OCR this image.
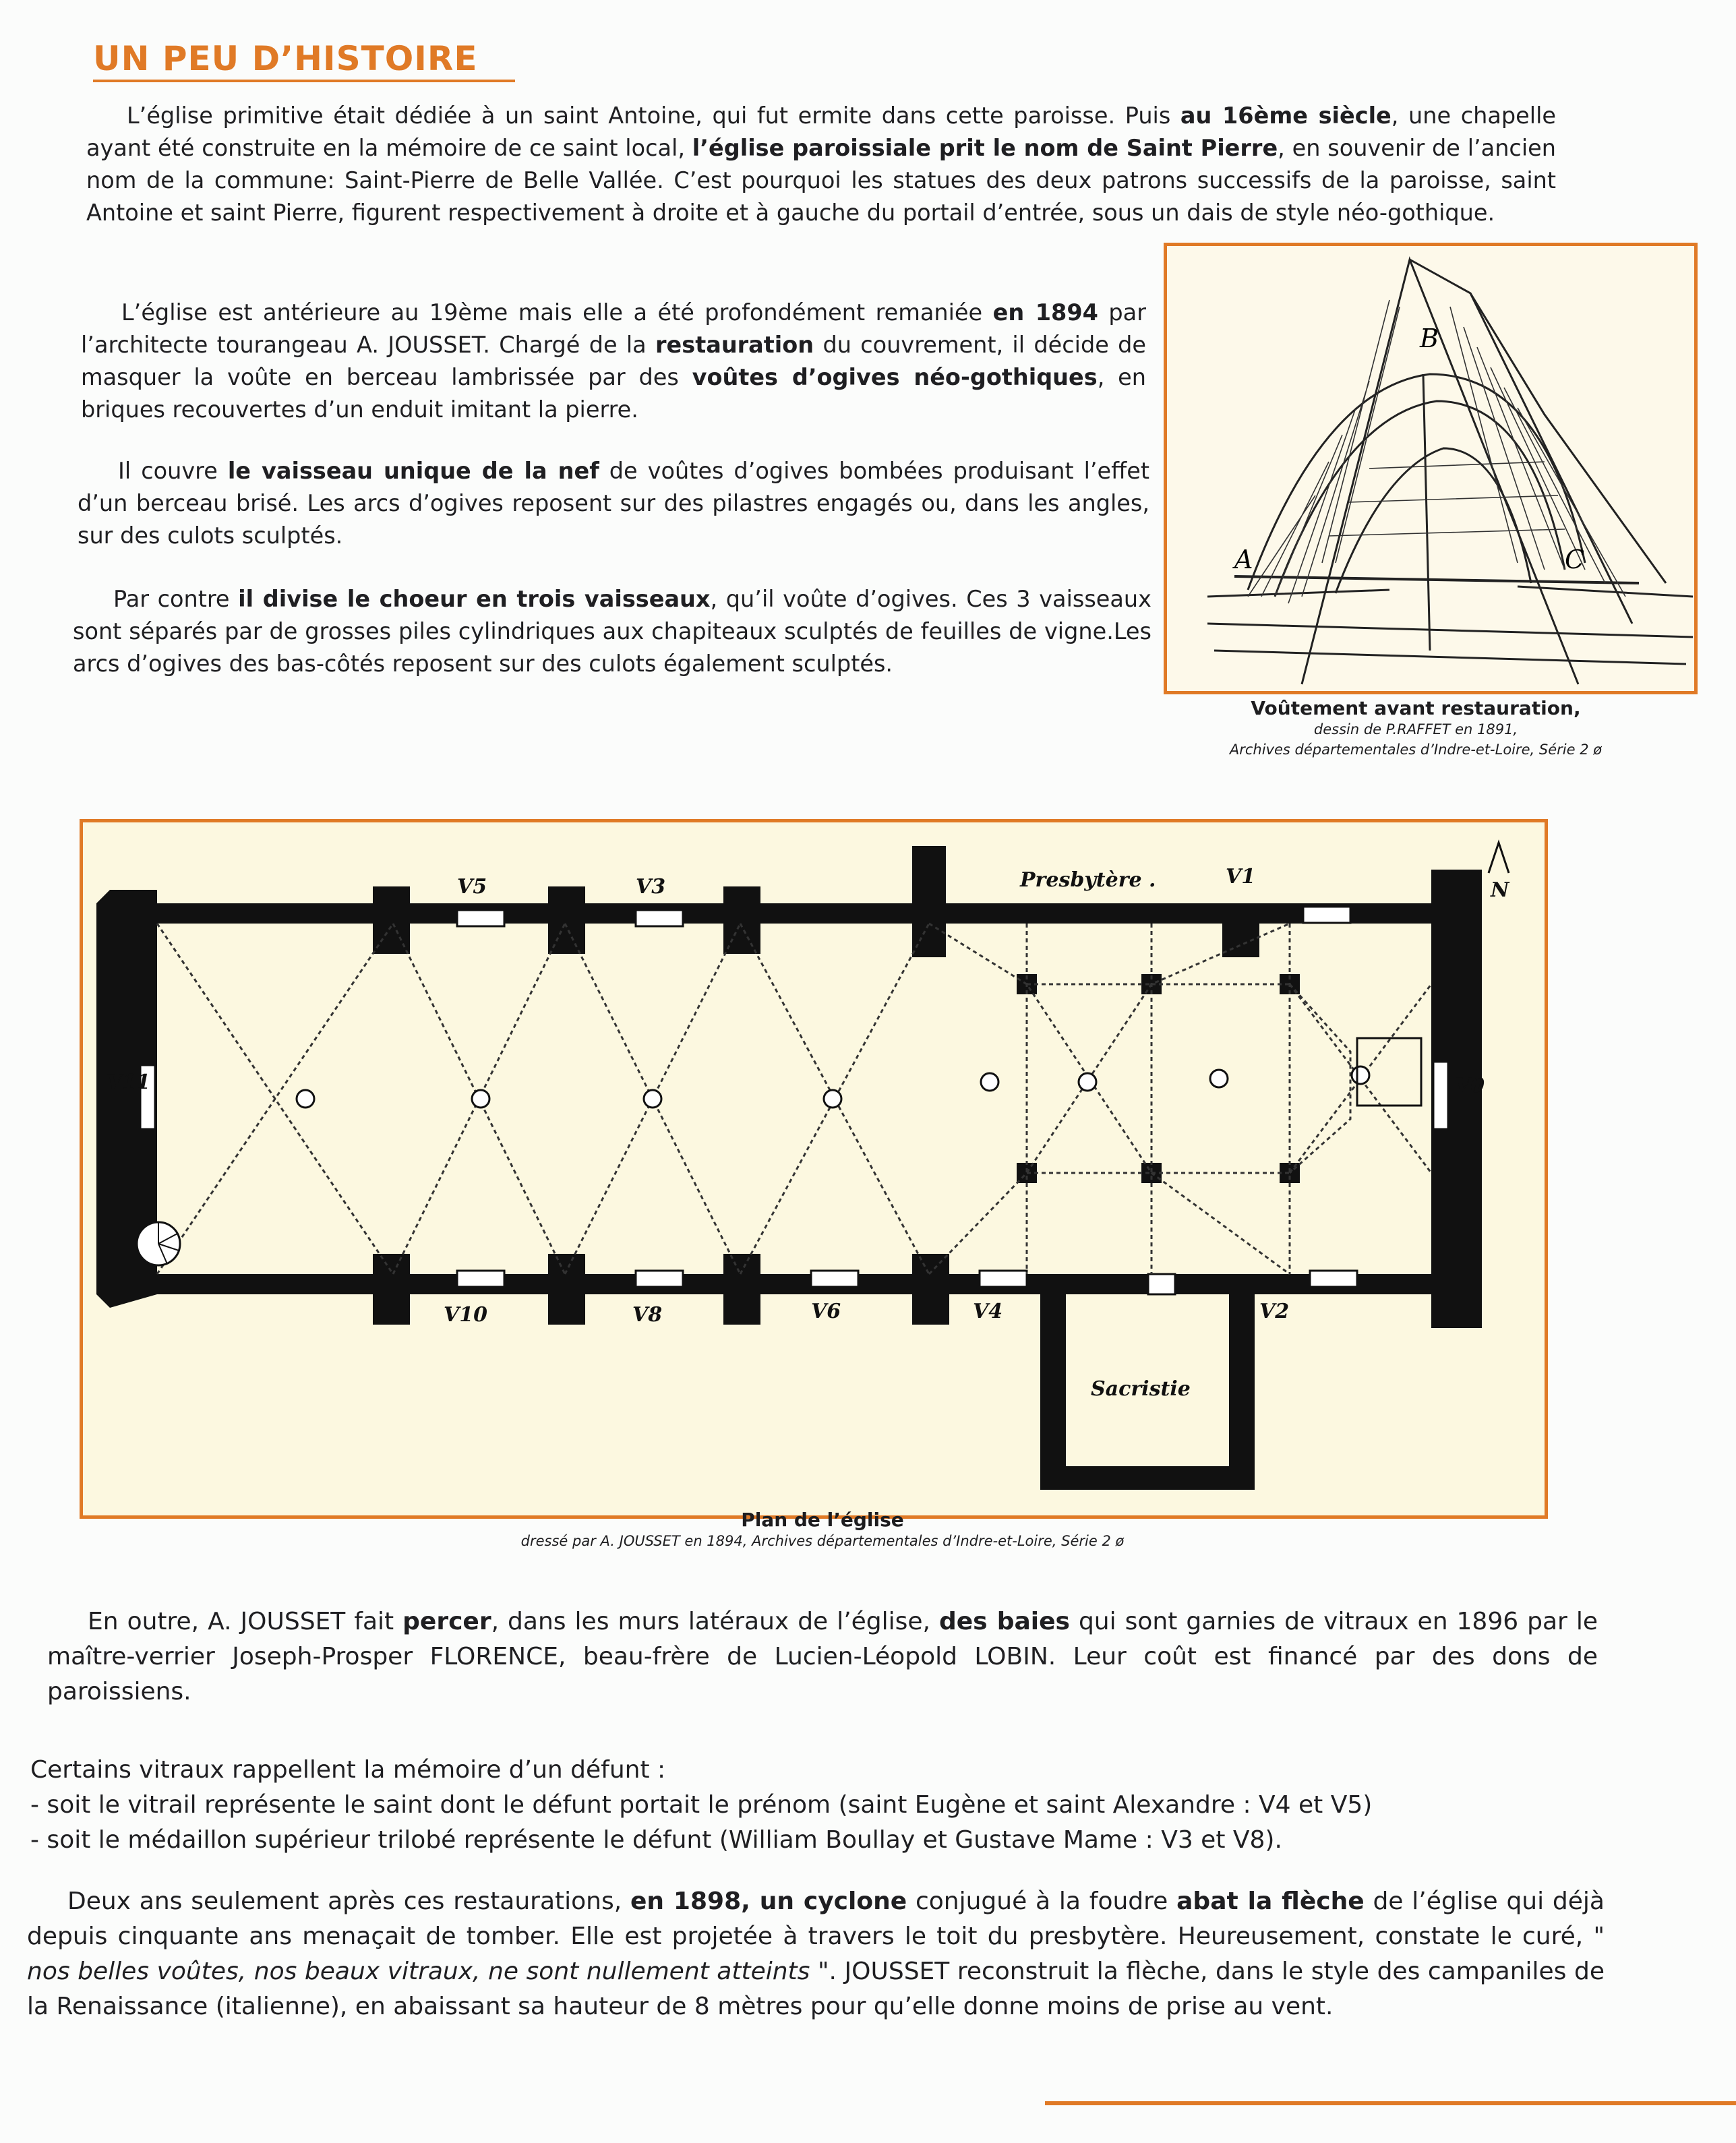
UN PEU D’HISTOIRE

L’église primitive était dédiée à un saint Antoine, qui fut ermite dans cette paroisse. Puis au 16ème siècle, une chapelle ayant été construite en la mémoire de ce saint local, l’église paroissiale prit le nom de Saint Pierre, en souvenir de l’ancien nom de la commune: Saint-Pierre de Belle Vallée. C’est pourquoi les statues des deux patrons successifs de la paroisse, saint Antoine et saint Pierre, figurent respectivement à droite et à gauche du portail d’entrée, sous un dais de style néo-gothique.

L’église est antérieure au 19ème mais elle a été profondément remaniée en 1894 par l’architecte tourangeau A. JOUSSET. Chargé de la restauration du couvrement, il décide de masquer la voûte en berceau lambrissée par des voûtes d’ogives néo-gothiques, en briques recouvertes d’un enduit imitant la pierre.

Il couvre le vaisseau unique de la nef de voûtes d’ogives bombées produisant l’effet d’un berceau brisé. Les arcs d’ogives reposent sur des pilastres engagés ou, dans les angles, sur des culots sculptés.

Par contre il divise le choeur en trois vaisseaux, qu’il voûte d’ogives. Ces 3 vaisseaux sont séparés par de grosses piles cylindriques aux chapiteaux sculptés de feuilles de vigne.Les arcs d’ogives des bas-côtés reposent sur des culots également sculptés.

A
B
C
Voûtement avant restauration,
dessin de P.RAFFET en 1891,
Archives départementales d’Indre-et-Loire, Série 2 ø
N
Presbytère .
Sacristie
V5	V3	V1
V10	V8	V6	V4	V2
V0
V11
Plan de l’église
dressé par A. JOUSSET en 1894, Archives départementales d’Indre-et-Loire, Série 2 ø

En outre, A. JOUSSET fait percer, dans les murs latéraux de l’église, des baies qui sont garnies de vitraux en 1896 par le maître-verrier Joseph-Prosper FLORENCE, beau-frère de Lucien-Léopold LOBIN. Leur coût est financé par des dons de paroissiens.

Certains vitraux rappellent la mémoire d’un défunt :
- soit le vitrail représente le saint dont le défunt portait le prénom (saint Eugène et saint Alexandre : V4 et V5)
- soit le médaillon supérieur trilobé représente le défunt (William Boullay et Gustave Mame : V3 et V8).

Deux ans seulement après ces restaurations, en 1898, un cyclone conjugué à la foudre abat la flèche de l’église qui déjà depuis cinquante ans menaçait de tomber. Elle est projetée à travers le toit du presbytère. Heureusement, constate le curé, " nos belles voûtes, nos beaux vitraux, ne sont nullement atteints ". JOUSSET reconstruit la flèche, dans le style des campaniles de la Renaissance (italienne), en abaissant sa hauteur de 8 mètres pour qu’elle donne moins de prise au vent.
